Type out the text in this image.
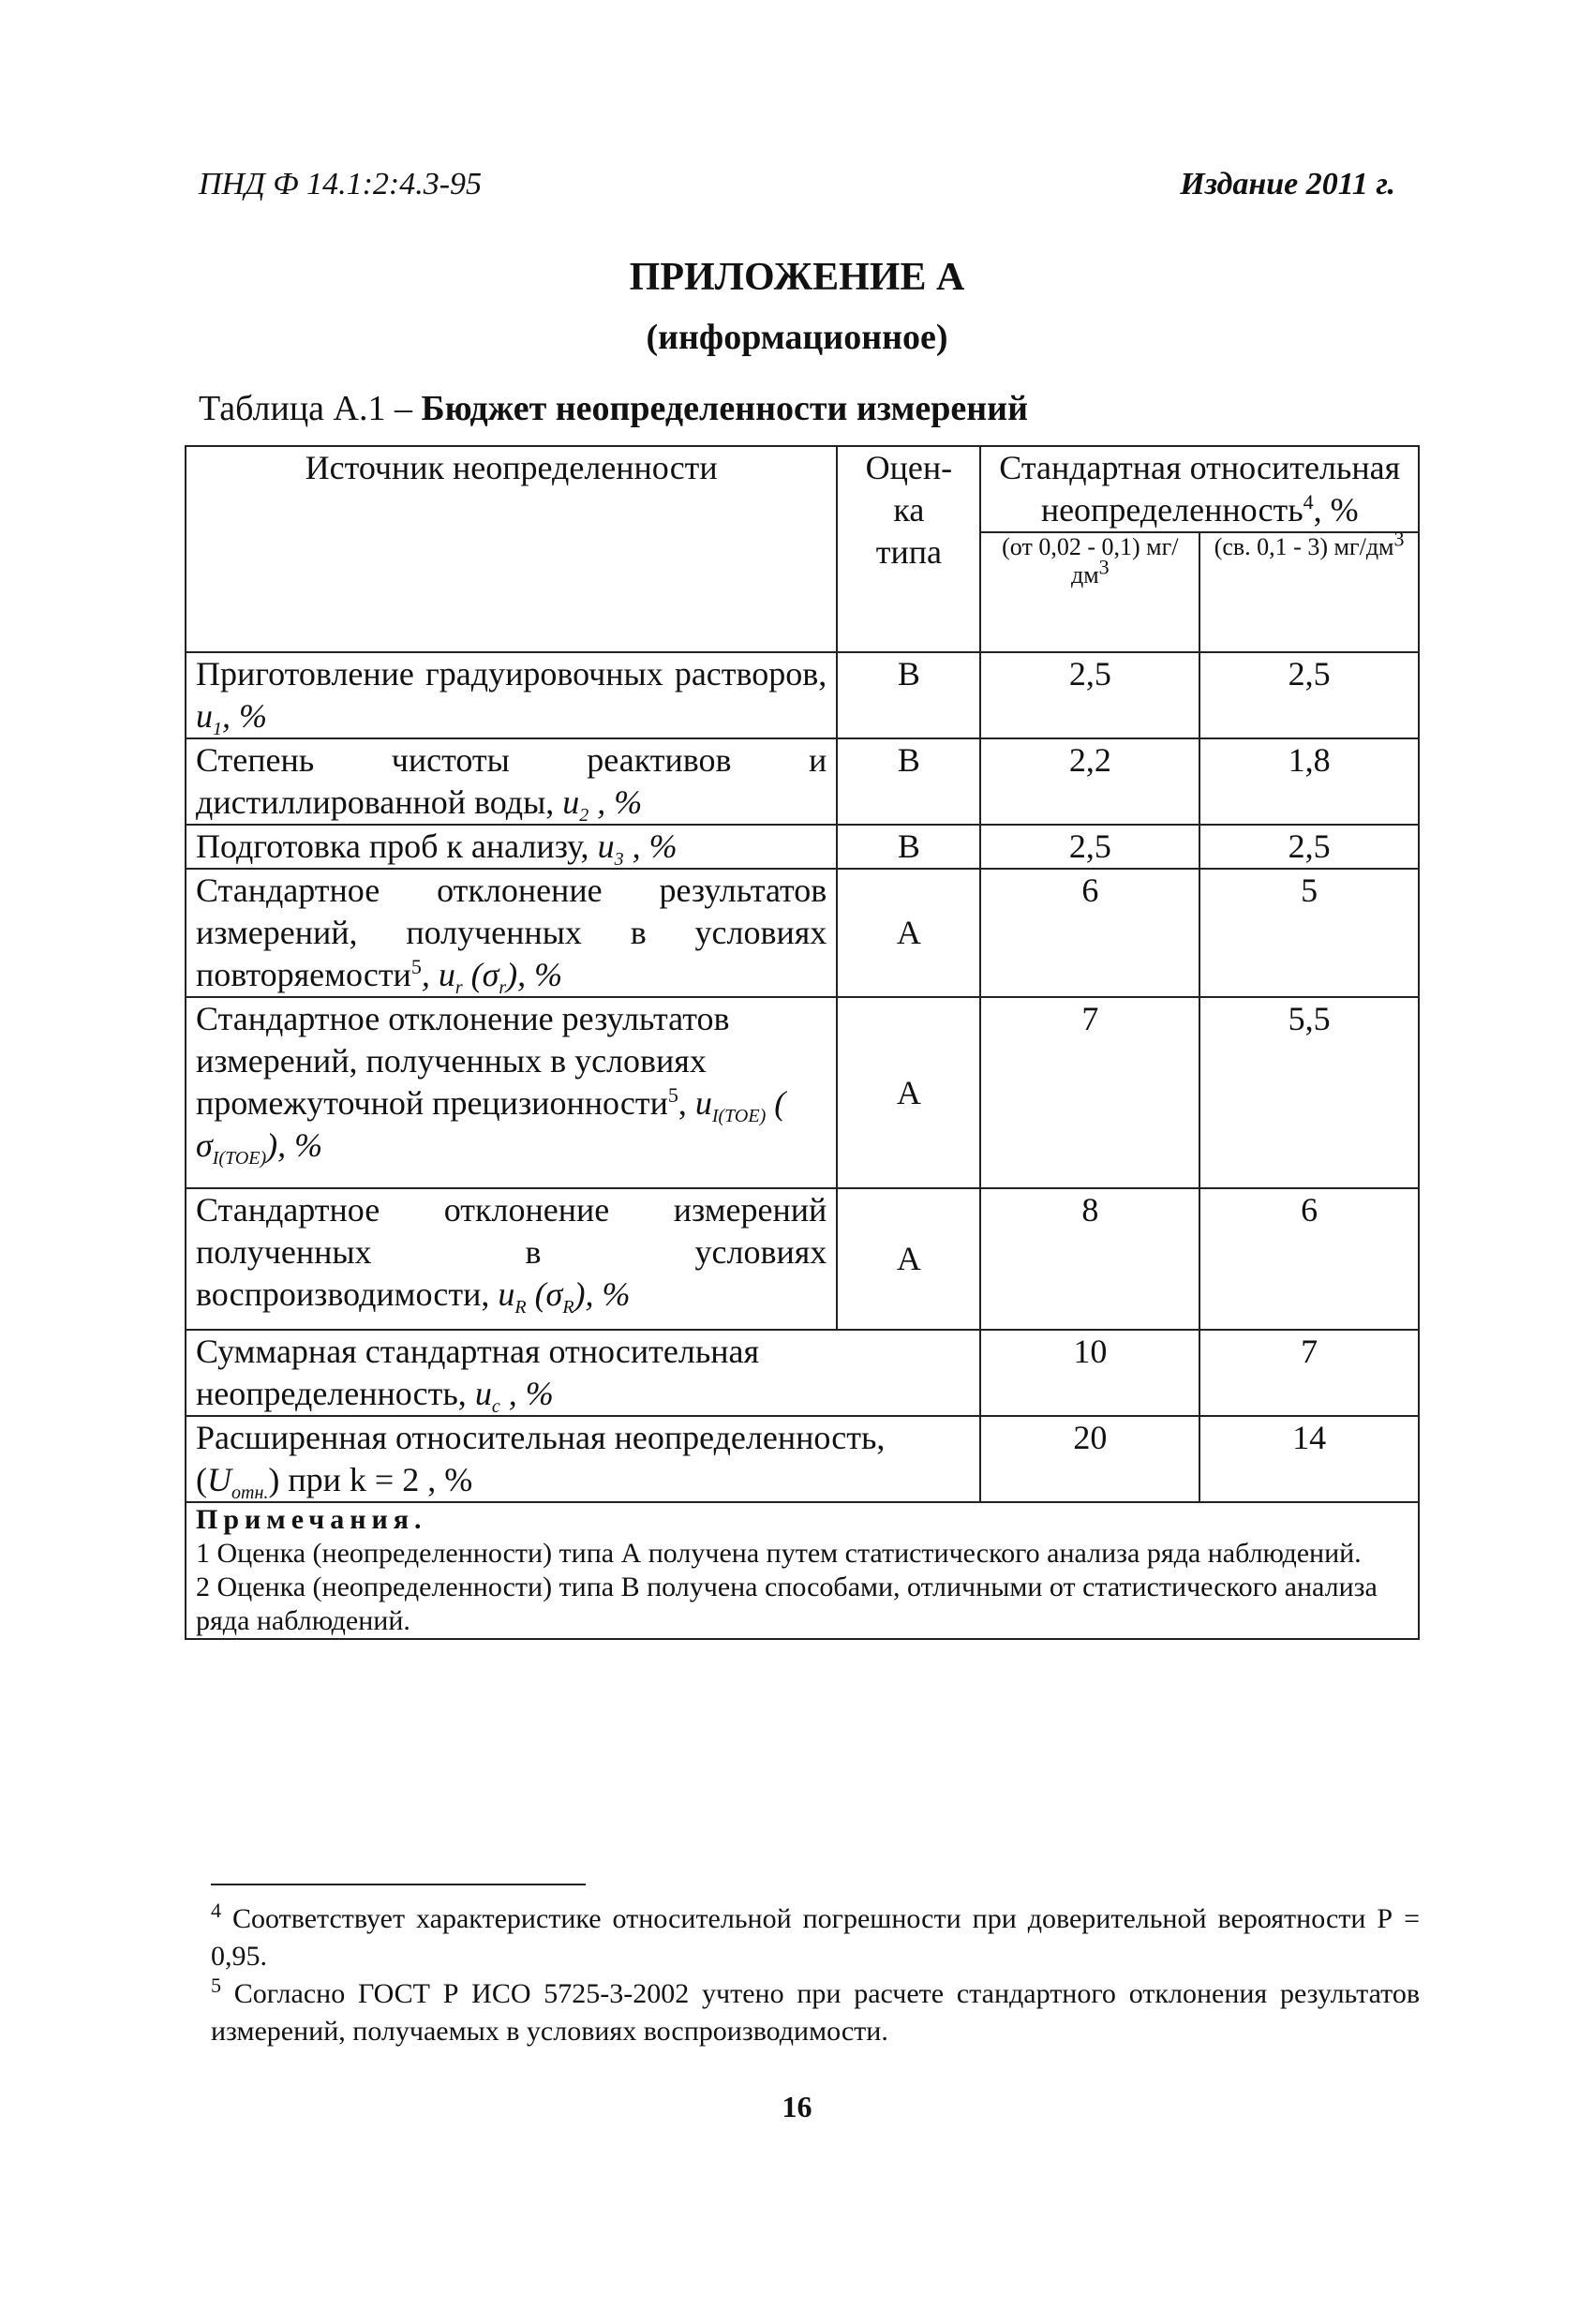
ПНД Ф 14.1:2:4.3-95	Издание 2011 г.
ПРИЛОЖЕНИЕ А
(информационное)
Таблица А.1 – Бюджет неопределенности измерений
Источник неопределенности	Оцен-ка типа	Стандартная относительная неопределенность$^4$, %	
		(от 0,02 - 0,1) $мг/дм^3$	(св. 0,1 - 3) $мг/дм^3$
Приготовление градуировочных растворов, $u_1$, %	В	2,5	2,5
Степень чистоты реактивов и дистиллированной воды, $u_2$ , %	В	2,2	1,8
Подготовка проб к анализу, $u_3$ , %	В	2,5	2,5
Стандартное отклонение результатов измерений, полученных в условиях повторяемости$^5$, $u_r$ $(\sigma_r)$, %	А	6	5
Стандартное отклонение результатов измерений, полученных в условиях промежуточной прецизионности$^5$, $u_{I(TOE)}$ ( $\sigma_{I(TOE)}$), %	А	7	5,5
Стандартное отклонение измерений полученных в условиях воспроизводимости, $u_R$ $(\sigma_R)$, %	А	8	6
Суммарная стандартная относительная неопределенность, $u_c$ , %		10	7
Расширенная относительная неопределенность, $(U_{отн.})$ при k = 2 , %		20	14

Примечания.
1 Оценка (неопределенности) типа А получена путем статистического анализа ряда наблюдений.
2 Оценка (неопределенности) типа В получена способами, отличными от статистического анализа ряда наблюдений.			

$^4$ Соответствует характеристике относительной погрешности при доверительной вероятности Р = 0,95.

$^5$ Согласно ГОСТ Р ИСО 5725-3-2002 учтено при расчете стандартного отклонения результатов измерений, получаемых в условиях воспроизводимости.

16
